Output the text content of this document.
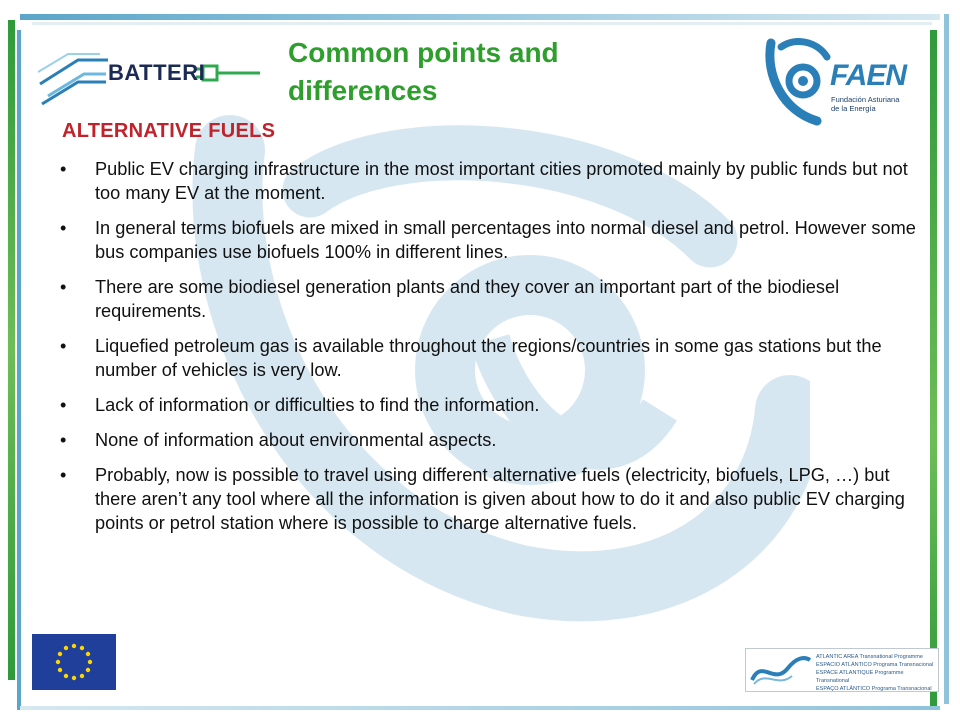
BATTERI
Common points and differences	FAEN
Fundación Asturiana
de la Energía
ALTERNATIVE FUELS
• Public EV charging infrastructure in the most important cities promoted mainly by public funds but not too many EV at the moment.
• In general terms biofuels are mixed in small percentages into normal diesel and petrol. However some bus companies use biofuels 100% in different lines.
• There are some biodiesel generation plants and they cover an important part of the biodiesel requirements.
• Liquefied petroleum gas is available throughout the regions/countries in some gas stations but the number of vehicles is very low.
• Lack of information or difficulties to find the information.
• None of information about environmental aspects.
• Probably, now is possible to travel using different alternative fuels (electricity, biofuels, LPG, …) but there aren’t any tool where all the information is given about how to do it and also public EV charging points or petrol station where is possible to charge alternative fuels.
ATLANTIC AREA Transnational Programme
ESPACIO ATLÁNTICO Programa Transnacional
ESPACE ATLANTIQUE Programme Transnational
ESPAÇO ATLÂNTICO Programa Transnacional
